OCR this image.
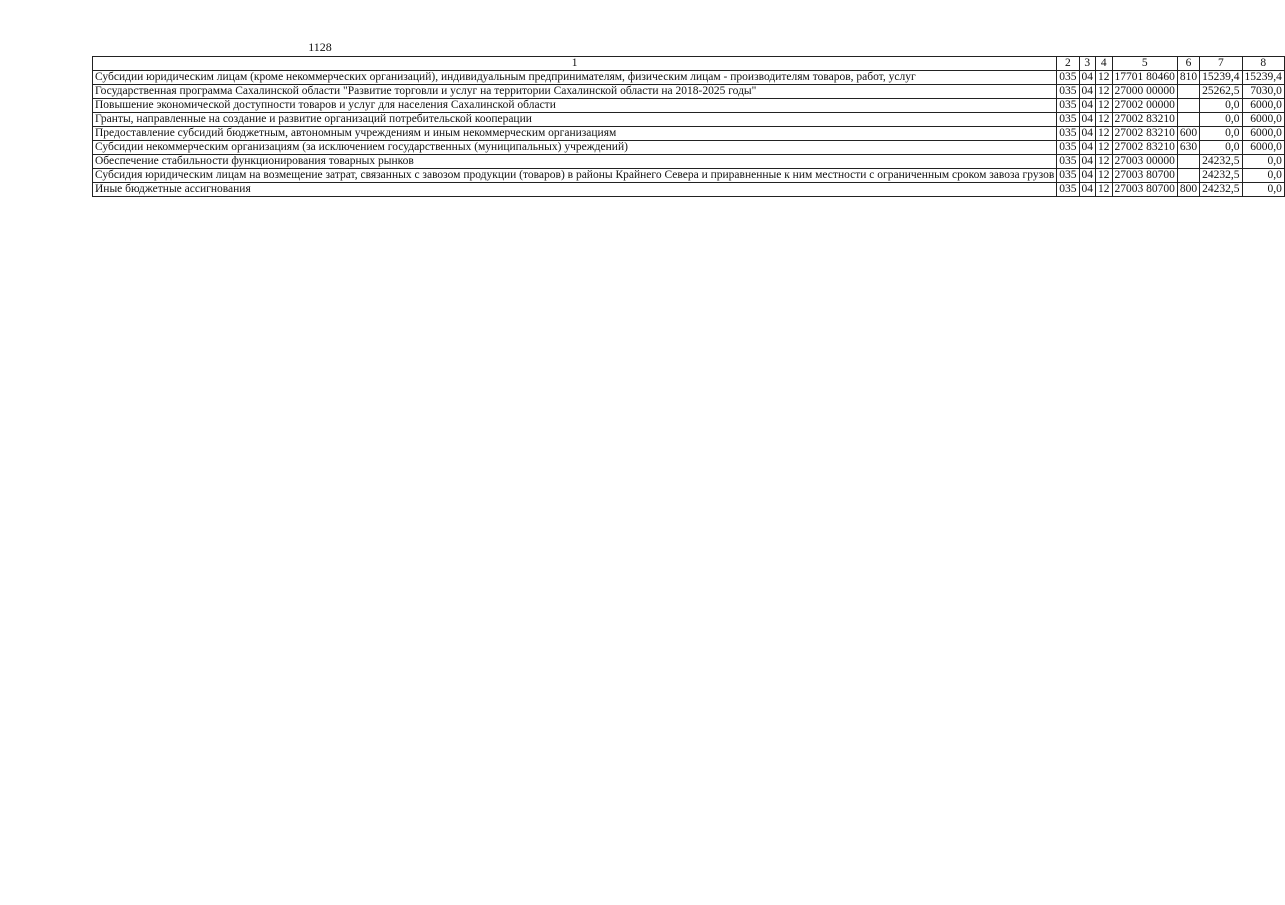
1128
1	2	3	4	5	6	7	8
Субсидии юридическим лицам (кроме некоммерческих организаций), индивидуальным предпринимателям, физическим лицам - производителям товаров, работ, услуг	035	04	12	17701 80460	810	15239,4	15239,4
Государственная программа Сахалинской области "Развитие торговли и услуг на территории Сахалинской области на 2018-2025 годы"	035	04	12	27000 00000		25262,5	7030,0
Повышение экономической доступности товаров и услуг для населения Сахалинской области	035	04	12	27002 00000		0,0	6000,0
Гранты, направленные на создание и развитие организаций потребительской кооперации	035	04	12	27002 83210		0,0	6000,0
Предоставление субсидий бюджетным, автономным учреждениям и иным некоммерческим организациям	035	04	12	27002 83210	600	0,0	6000,0
Субсидии некоммерческим организациям (за исключением государственных (муниципальных) учреждений)	035	04	12	27002 83210	630	0,0	6000,0
Обеспечение стабильности функционирования товарных рынков	035	04	12	27003 00000		24232,5	0,0
Субсидия юридическим лицам на возмещение затрат, связанных с завозом продукции (товаров) в районы Крайнего Севера и приравненные к ним местности с ограниченным сроком завоза грузов	035	04	12	27003 80700		24232,5	0,0
Иные бюджетные ассигнования	035	04	12	27003 80700	800	24232,5	0,0
